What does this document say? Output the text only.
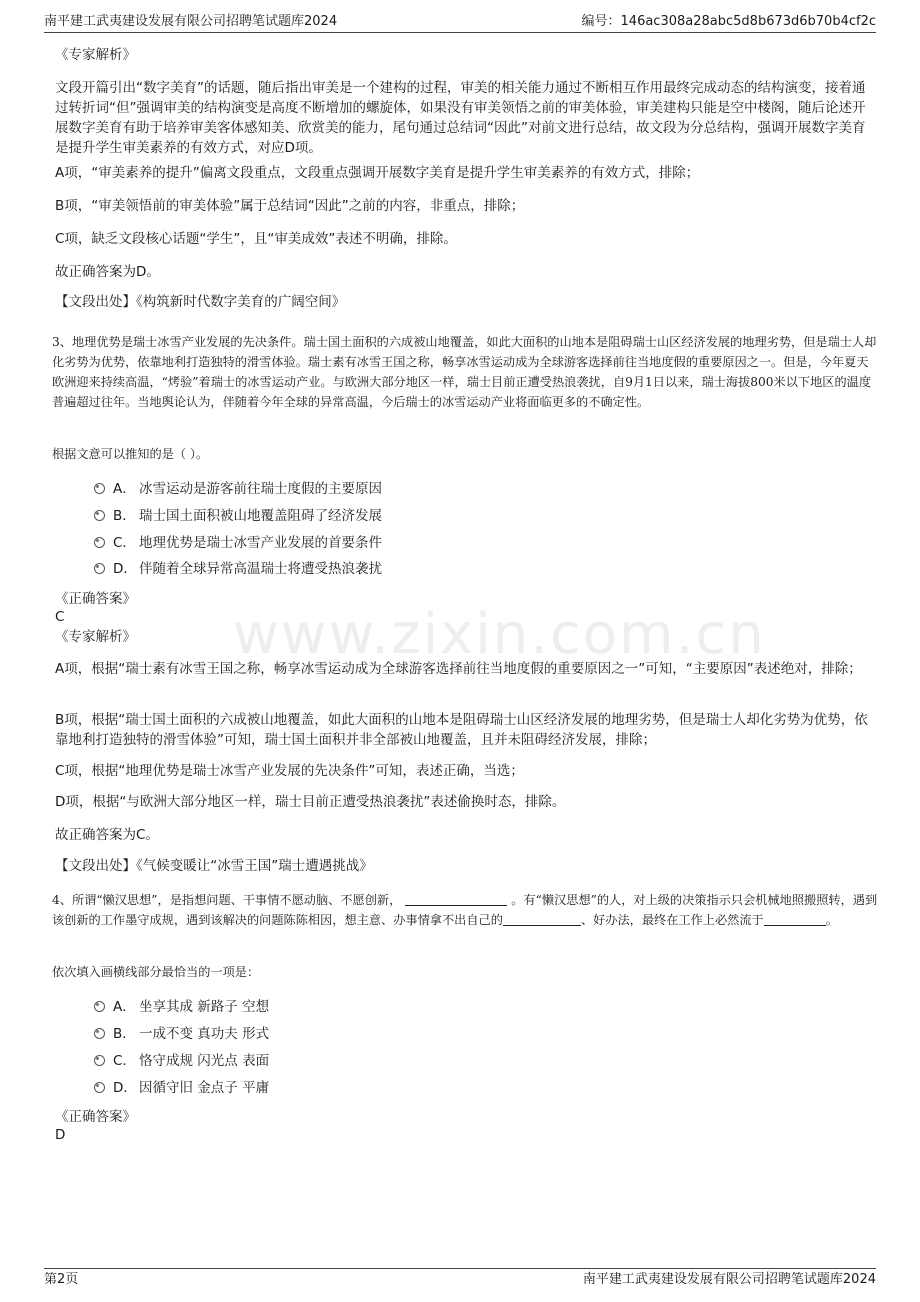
南平建工武夷建设发展有限公司招聘笔试题库2024	编号：146ac308a28abc5d8b673d6b70b4cf2c
www.zixin.com.cn
《专家解析》
文段开篇引出“数字美育”的话题，随后指出审美是一个建构的过程，审美的相关能力通过不断相互作用最终完成动态的结构演变，接着通过转折词“但”强调审美的结构演变是高度不断增加的螺旋体，如果没有审美领悟之前的审美体验，审美建构只能是空中楼阁，随后论述开展数字美育有助于培养审美客体感知美、欣赏美的能力，尾句通过总结词“因此”对前文进行总结，故文段为分总结构，强调开展数字美育是提升学生审美素养的有效方式，对应D项。
A项，“审美素养的提升”偏离文段重点，文段重点强调开展数字美育是提升学生审美素养的有效方式，排除；
B项，“审美领悟前的审美体验”属于总结词“因此”之前的内容，非重点，排除；
C项，缺乏文段核心话题“学生”，且“审美成效”表述不明确，排除。
故正确答案为D。
【文段出处】《构筑新时代数字美育的广阔空间》
3、地理优势是瑞士冰雪产业发展的先决条件。瑞士国土面积的六成被山地覆盖，如此大面积的山地本是阻碍瑞士山区经济发展的地理劣势，但是瑞士人却化劣势为优势，依靠地利打造独特的滑雪体验。瑞士素有冰雪王国之称，畅享冰雪运动成为全球游客选择前往当地度假的重要原因之一。但是，今年夏天欧洲迎来持续高温，“烤验”着瑞士的冰雪运动产业。与欧洲大部分地区一样，瑞士目前正遭受热浪袭扰，自9月1日以来，瑞士海拔800米以下地区的温度普遍超过往年。当地舆论认为，伴随着今年全球的异常高温，今后瑞士的冰雪运动产业将面临更多的不确定性。
根据文意可以推知的是（ ）。
A． 冰雪运动是游客前往瑞士度假的主要原因
B． 瑞士国土面积被山地覆盖阻碍了经济发展
C． 地理优势是瑞士冰雪产业发展的首要条件
D． 伴随着全球异常高温瑞士将遭受热浪袭扰
《正确答案》
C
《专家解析》
A项，根据“瑞士素有冰雪王国之称，畅享冰雪运动成为全球游客选择前往当地度假的重要原因之一”可知，“主要原因”表述绝对，排除；
B项，根据“瑞士国土面积的六成被山地覆盖，如此大面积的山地本是阻碍瑞士山区经济发展的地理劣势，但是瑞士人却化劣势为优势，依靠地利打造独特的滑雪体验”可知，瑞士国土面积并非全部被山地覆盖，且并未阻碍经济发展，排除；
C项，根据“地理优势是瑞士冰雪产业发展的先决条件”可知，表述正确，当选；
D项，根据“与欧洲大部分地区一样，瑞士目前正遭受热浪袭扰”表述偷换时态，排除。
故正确答案为C。
【文段出处】《气候变暖让“冰雪王国”瑞士遭遇挑战》
4、所谓“懒汉思想”，是指想问题、干事情不愿动脑、不愿创新，	。有“懒汉思想”的人，对上级的决策指示只会机械地照搬照转，遇到该创新的工作墨守成规，遇到该解决的问题陈陈相因，想主意、办事情拿不出自己的	、好办法，最终在工作上必然流于	。
依次填入画横线部分最恰当的一项是：
A． 坐享其成 新路子 空想
B． 一成不变 真功夫 形式
C． 恪守成规 闪光点 表面
D． 因循守旧 金点子 平庸
《正确答案》
D
第2页	南平建工武夷建设发展有限公司招聘笔试题库2024
